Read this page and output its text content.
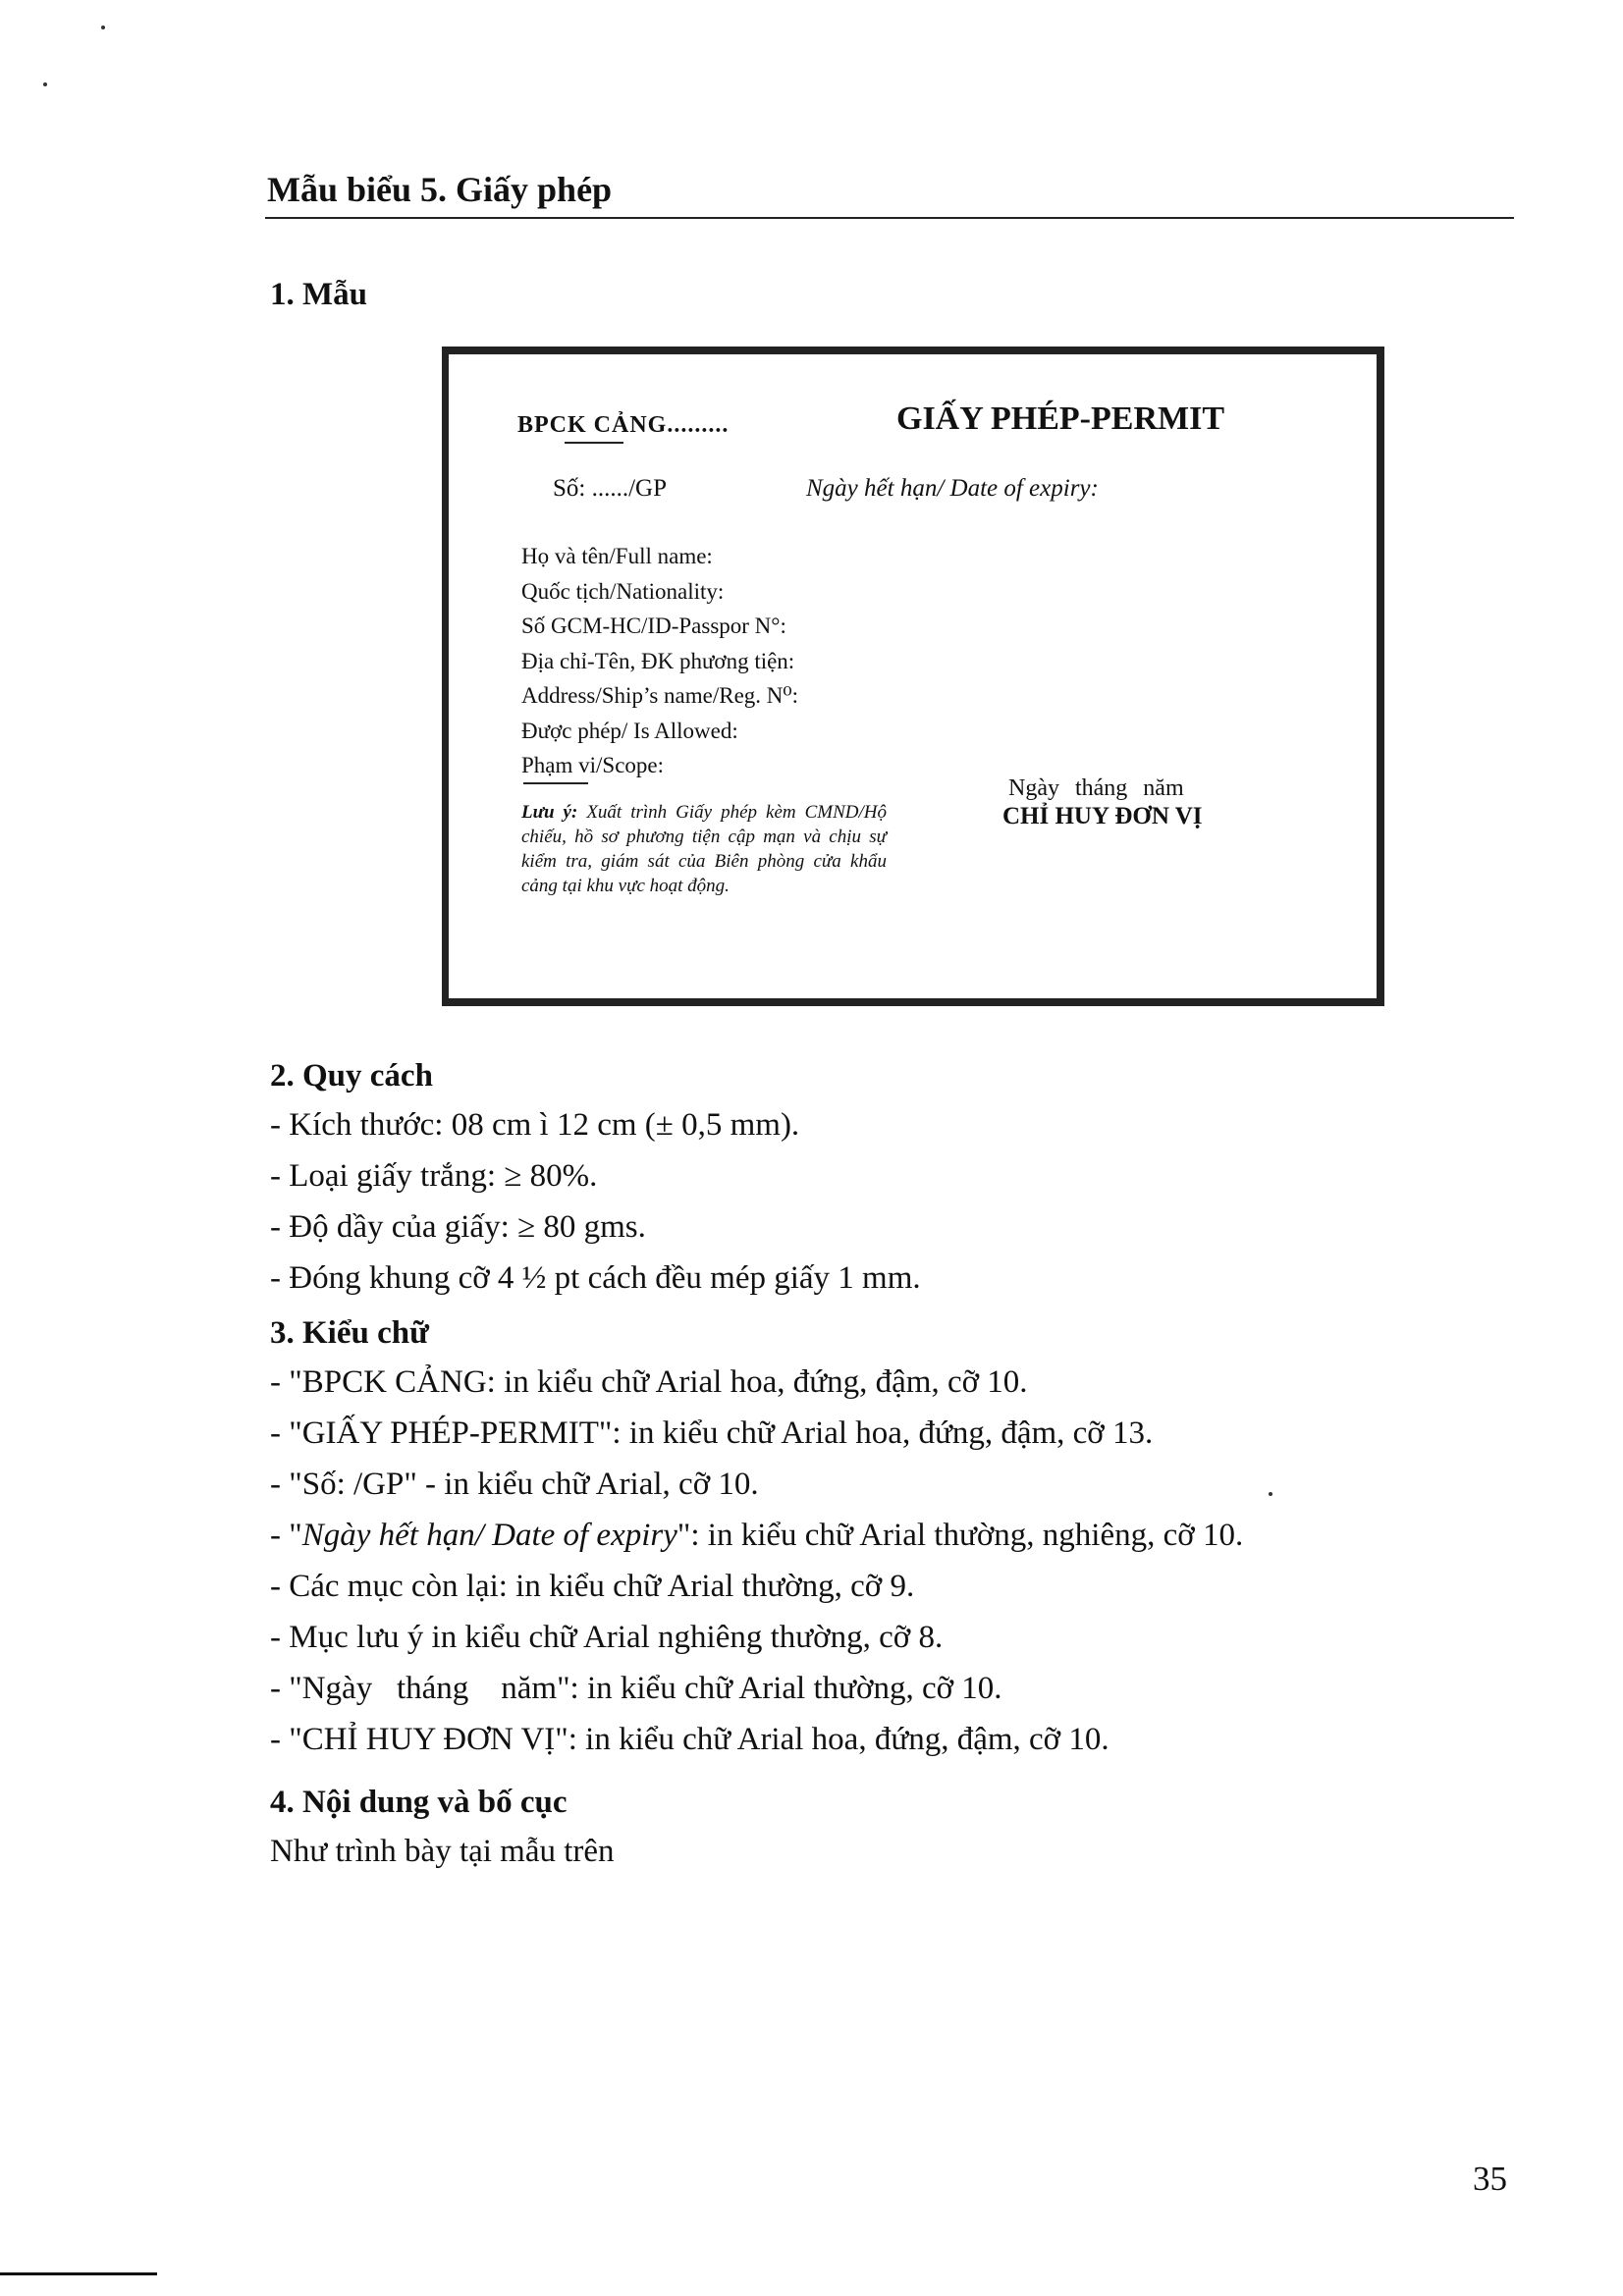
Mẫu biểu 5. Giấy phép
1. Mẫu
BPCK CẢNG.........	GIẤY PHÉP-PERMIT
Số: ....../GP	Ngày hết hạn/ Date of expiry:
Họ và tên/Full name:
Quốc tịch/Nationality:
Số GCM-HC/ID-Passpor N°:
Địa chỉ-Tên, ĐK phương tiện:
Address/Ship’s name/Reg. N⁰:
Được phép/ Is Allowed:
Phạm vi/Scope:
Lưu ý: Xuất trình Giấy phép kèm CMND/Hộ chiếu, hồ sơ phương tiện cập mạn và chịu sự kiểm tra, giám sát của Biên phòng cửa khẩu cảng tại khu vực hoạt động.
Ngày tháng năm
CHỈ HUY ĐƠN VỊ
2. Quy cách
- Kích thước: 08 cm ì 12 cm (± 0,5 mm).
- Loại giấy trắng: ≥ 80%.
- Độ dầy của giấy: ≥ 80 gms.
- Đóng khung cỡ 4 ½ pt cách đều mép giấy 1 mm.
3. Kiểu chữ
- "BPCK CẢNG: in kiểu chữ Arial hoa, đứng, đậm, cỡ 10.
- "GIẤY PHÉP-PERMIT": in kiểu chữ Arial hoa, đứng, đậm, cỡ 13.
- "Số: /GP" - in kiểu chữ Arial, cỡ 10.
- "Ngày hết hạn/ Date of expiry": in kiểu chữ Arial thường, nghiêng, cỡ 10.
- Các mục còn lại: in kiểu chữ Arial thường, cỡ 9.
- Mục lưu ý in kiểu chữ Arial nghiêng thường, cỡ 8.
- "Ngày   tháng    năm": in kiểu chữ Arial thường, cỡ 10.
- "CHỈ HUY ĐƠN VỊ": in kiểu chữ Arial hoa, đứng, đậm, cỡ 10.
4. Nội dung và bố cục
Như trình bày tại mẫu trên
35
